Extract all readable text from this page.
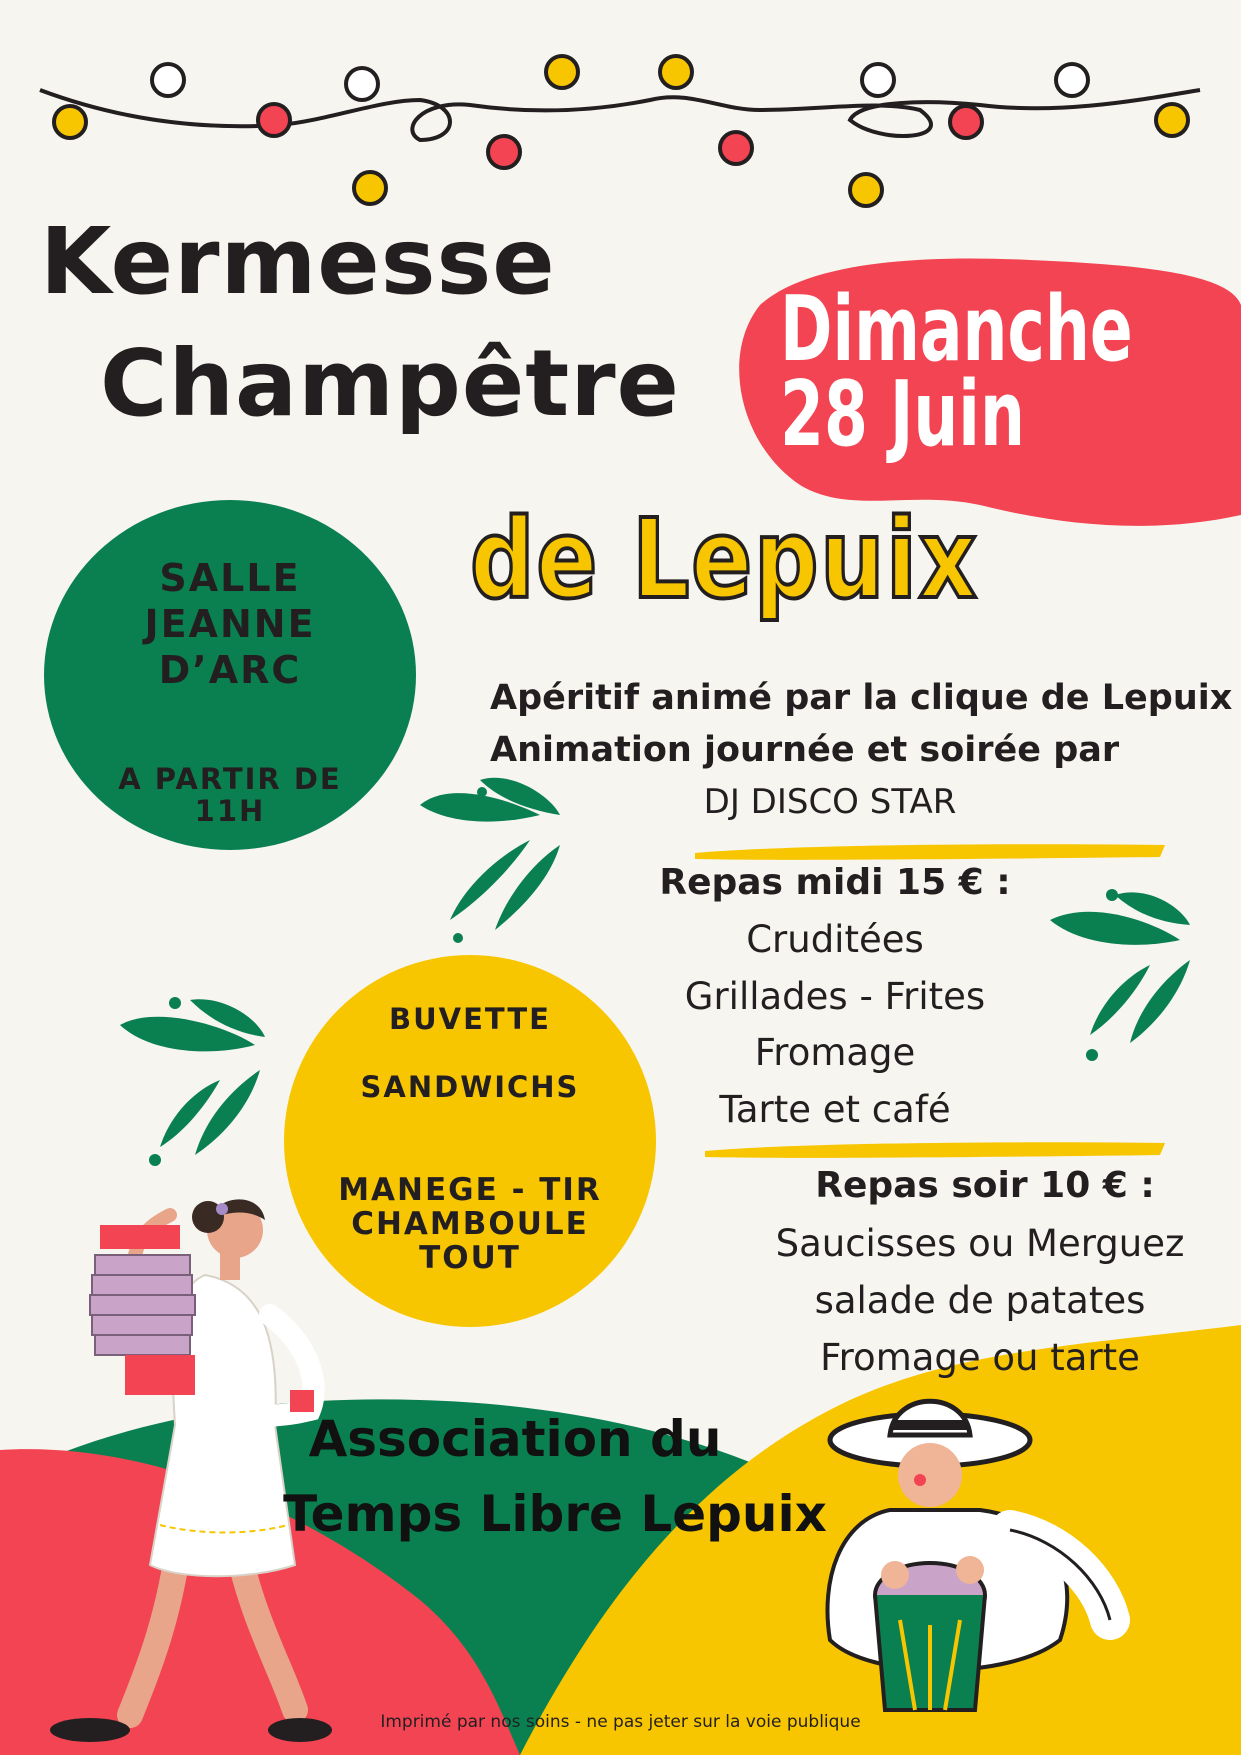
Kermesse
Champêtre
Dimanche
28 Juin
de Lepuix
SALLE
JEANNE
D’ARC
A PARTIR DE
11H
Apéritif animé par la clique de Lepuix
Animation journée et soirée par
DJ DISCO STAR
Repas midi 15 € :
Cruditées
Grillades - Frites
Fromage
Tarte et café
Repas soir 10 € :
Saucisses ou Merguez
salade de patates
Fromage ou tarte
BUVETTE
SANDWICHS
MANEGE - TIR
CHAMBOULE
TOUT
Association du
Temps Libre Lepuix
Imprimé par nos soins - ne pas jeter sur la voie publique
